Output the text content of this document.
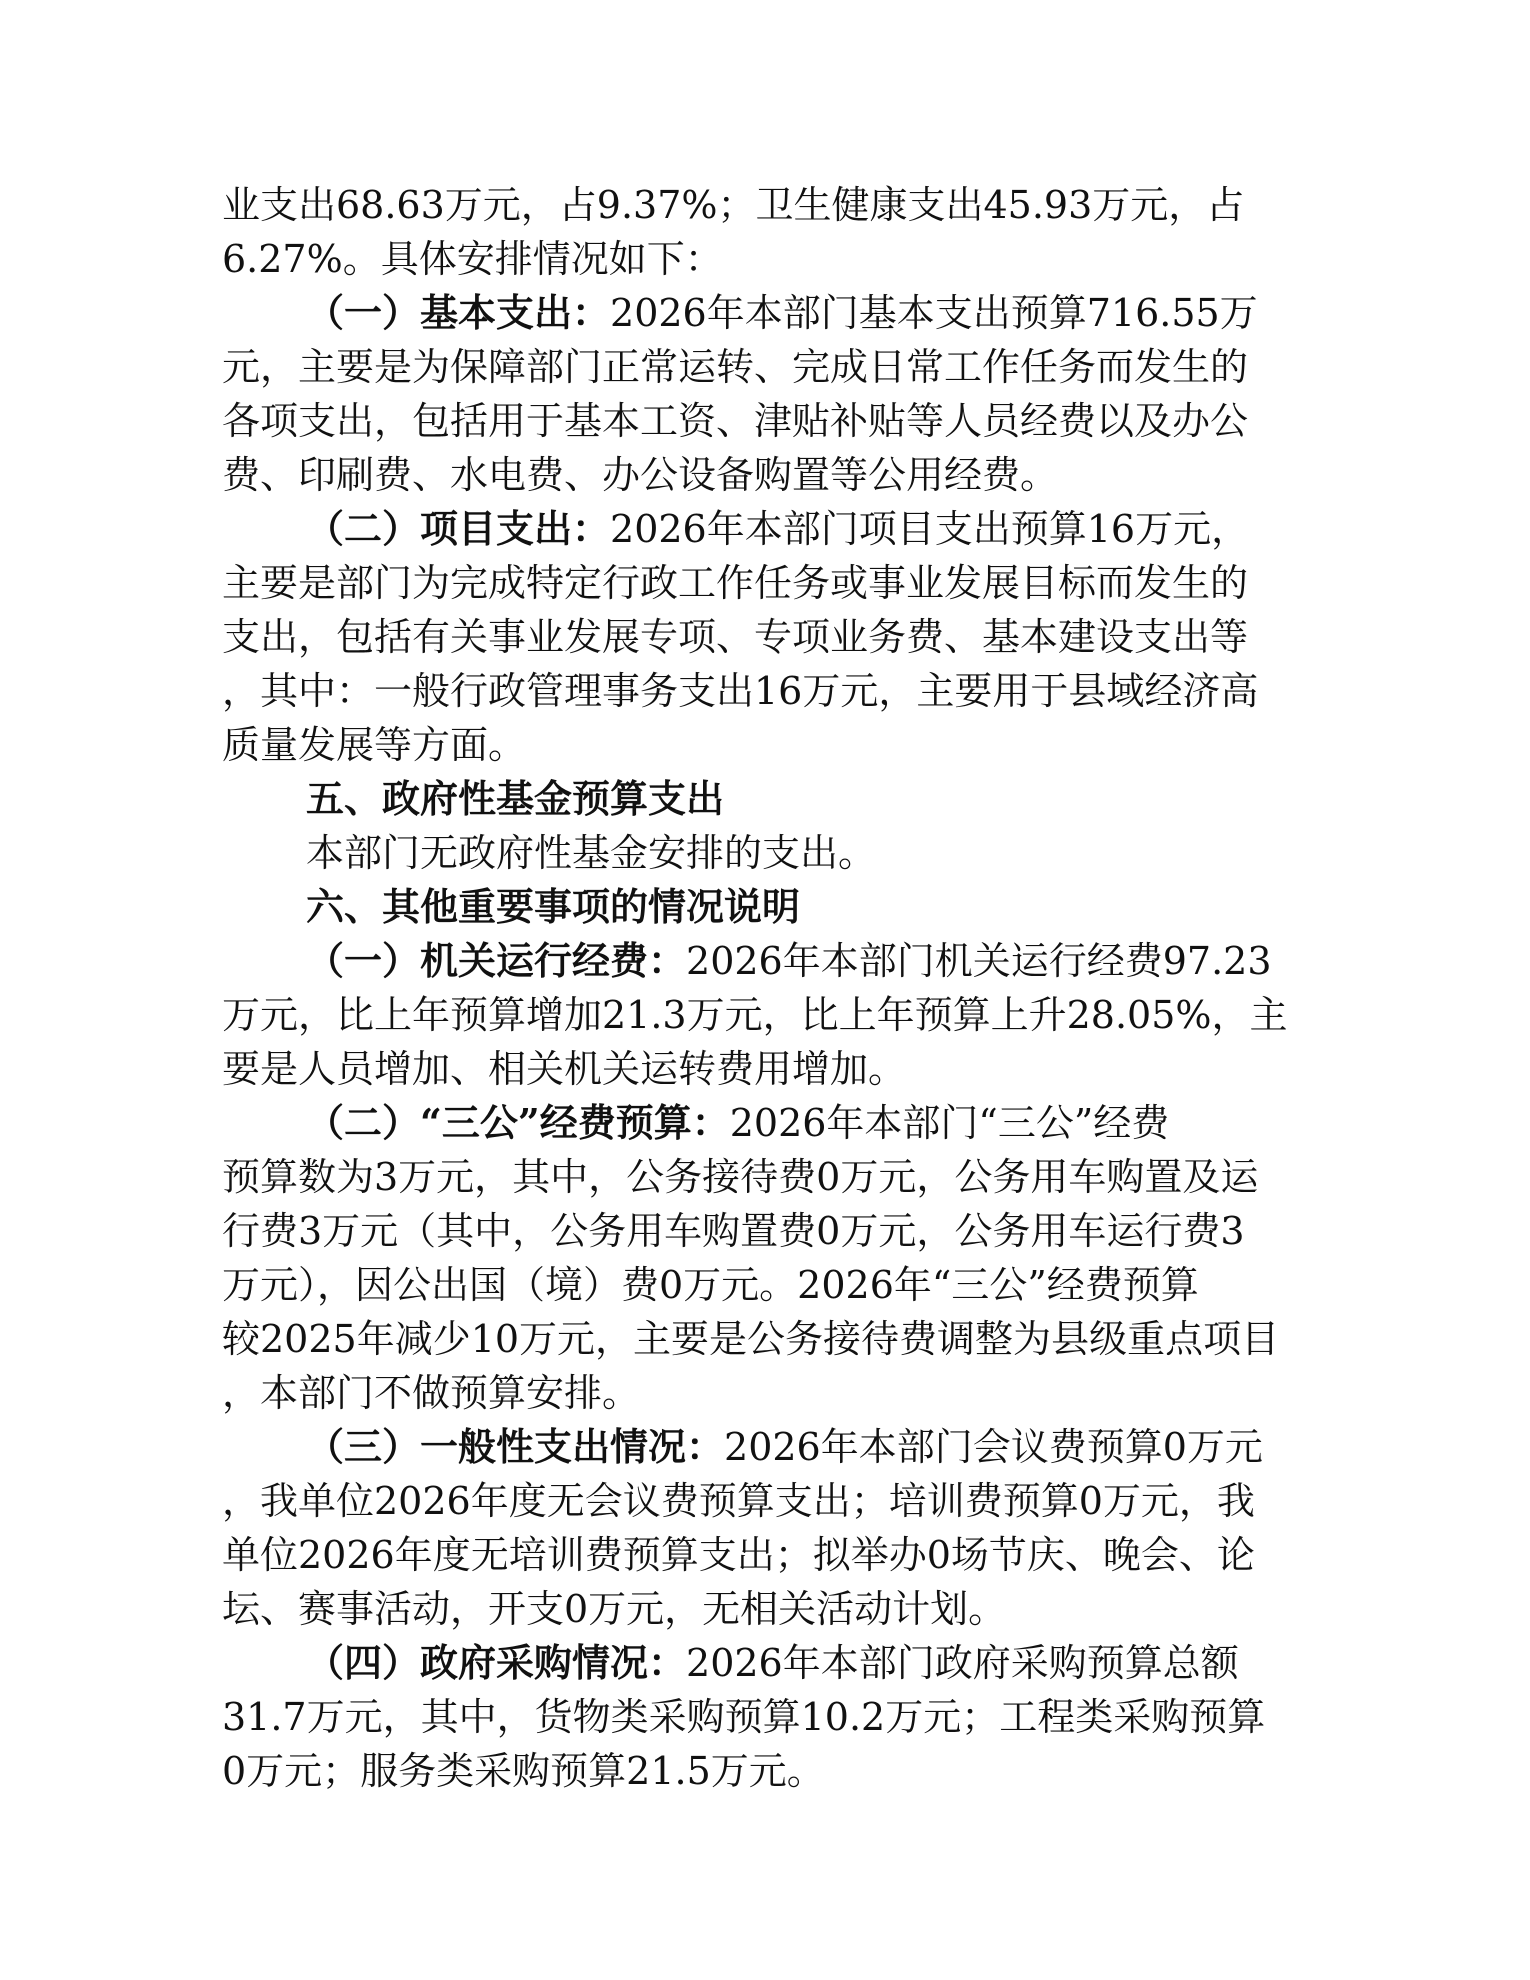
业支出68.63万元，占9.37%；卫生健康支出45.93万元，占
6.27%。具体安排情况如下：
（一）基本支出：2026年本部门基本支出预算716.55万
元，主要是为保障部门正常运转、完成日常工作任务而发生的
各项支出，包括用于基本工资、津贴补贴等人员经费以及办公
费、印刷费、水电费、办公设备购置等公用经费。
（二）项目支出：2026年本部门项目支出预算16万元，
主要是部门为完成特定行政工作任务或事业发展目标而发生的
支出，包括有关事业发展专项、专项业务费、基本建设支出等
，其中：一般行政管理事务支出16万元，主要用于县域经济高
质量发展等方面。
五、政府性基金预算支出
本部门无政府性基金安排的支出。
六、其他重要事项的情况说明
（一）机关运行经费：2026年本部门机关运行经费97.23
万元，比上年预算增加21.3万元，比上年预算上升28.05%，主
要是人员增加、相关机关运转费用增加。
（二）“三公”经费预算：2026年本部门“三公”经费
预算数为3万元，其中，公务接待费0万元，公务用车购置及运
行费3万元（其中，公务用车购置费0万元，公务用车运行费3
万元），因公出国（境）费0万元。2026年“三公”经费预算
较2025年减少10万元，主要是公务接待费调整为县级重点项目
，本部门不做预算安排。
（三）一般性支出情况：2026年本部门会议费预算0万元
，我单位2026年度无会议费预算支出；培训费预算0万元，我
单位2026年度无培训费预算支出；拟举办0场节庆、晚会、论
坛、赛事活动，开支0万元，无相关活动计划。
（四）政府采购情况：2026年本部门政府采购预算总额
31.7万元，其中，货物类采购预算10.2万元；工程类采购预算
0万元；服务类采购预算21.5万元。
